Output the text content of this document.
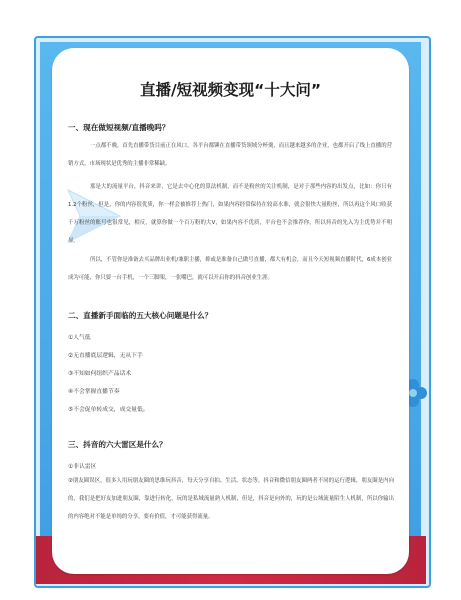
直播/短视频变现“十大问”
一、现在做短视频/直播晚吗？
一点都不晚，首先直播带货目前正在风口，各平台都铆在直播带货领域分杯羹，而且越来越多的企业，也都开启了线上直播的营销方式，市场现状是优秀的主播非常稀缺。
那是大的流量平台，抖音来讲，它是去中心化的算法机制，而不是粉丝的关注机制，是对于那些内容的出发点，比如：你只有1.2个粉丝，但是，你的内容很优质，你一样会被推荐上热门，如果内容经常保持在较高水准，就会很快大量粉丝，所以再这个风口收获千万粉丝的账号也很常见，相反，就算你做一个百万粉的大V，如果内容不优质，平台也不会推荐你，所以抖音的先入为主优势并不明显。
所以，不管你是准备去买品牌出业机/兼职主播，抑或是准备自己做号直播，都大有机会，而且今天短视频直播时代，6成本创业成为可能，你只要一台手机，一个三脚架，一张嘴巴，就可以开启你的抖音创业生涯。
二、直播新手面临的五大核心问题是什么？
①人气低
②无直播底层逻辑，无从下手
③不知如何组织产品话术
④不会掌握直播节奏
⑤不会促单转成交，成交量低。
三、抖音的六大雷区是什么？
①非认雷区
②朋友圈误区，很多人用玩朋友圈的思维玩抖音，每天分享自拍、生活、状态等，抖音和微信朋友圈两者不同的运行逻辑，朋友圈是内向的，我们是把好友加进朋友圈，靠进行转化，玩的是私域流量熟人机制，但是，抖音是向外的，玩的是公域流量陌生人机制，所以你输出的内容绝对不能是单纯的分享，要有价值，才可能获得流量。
